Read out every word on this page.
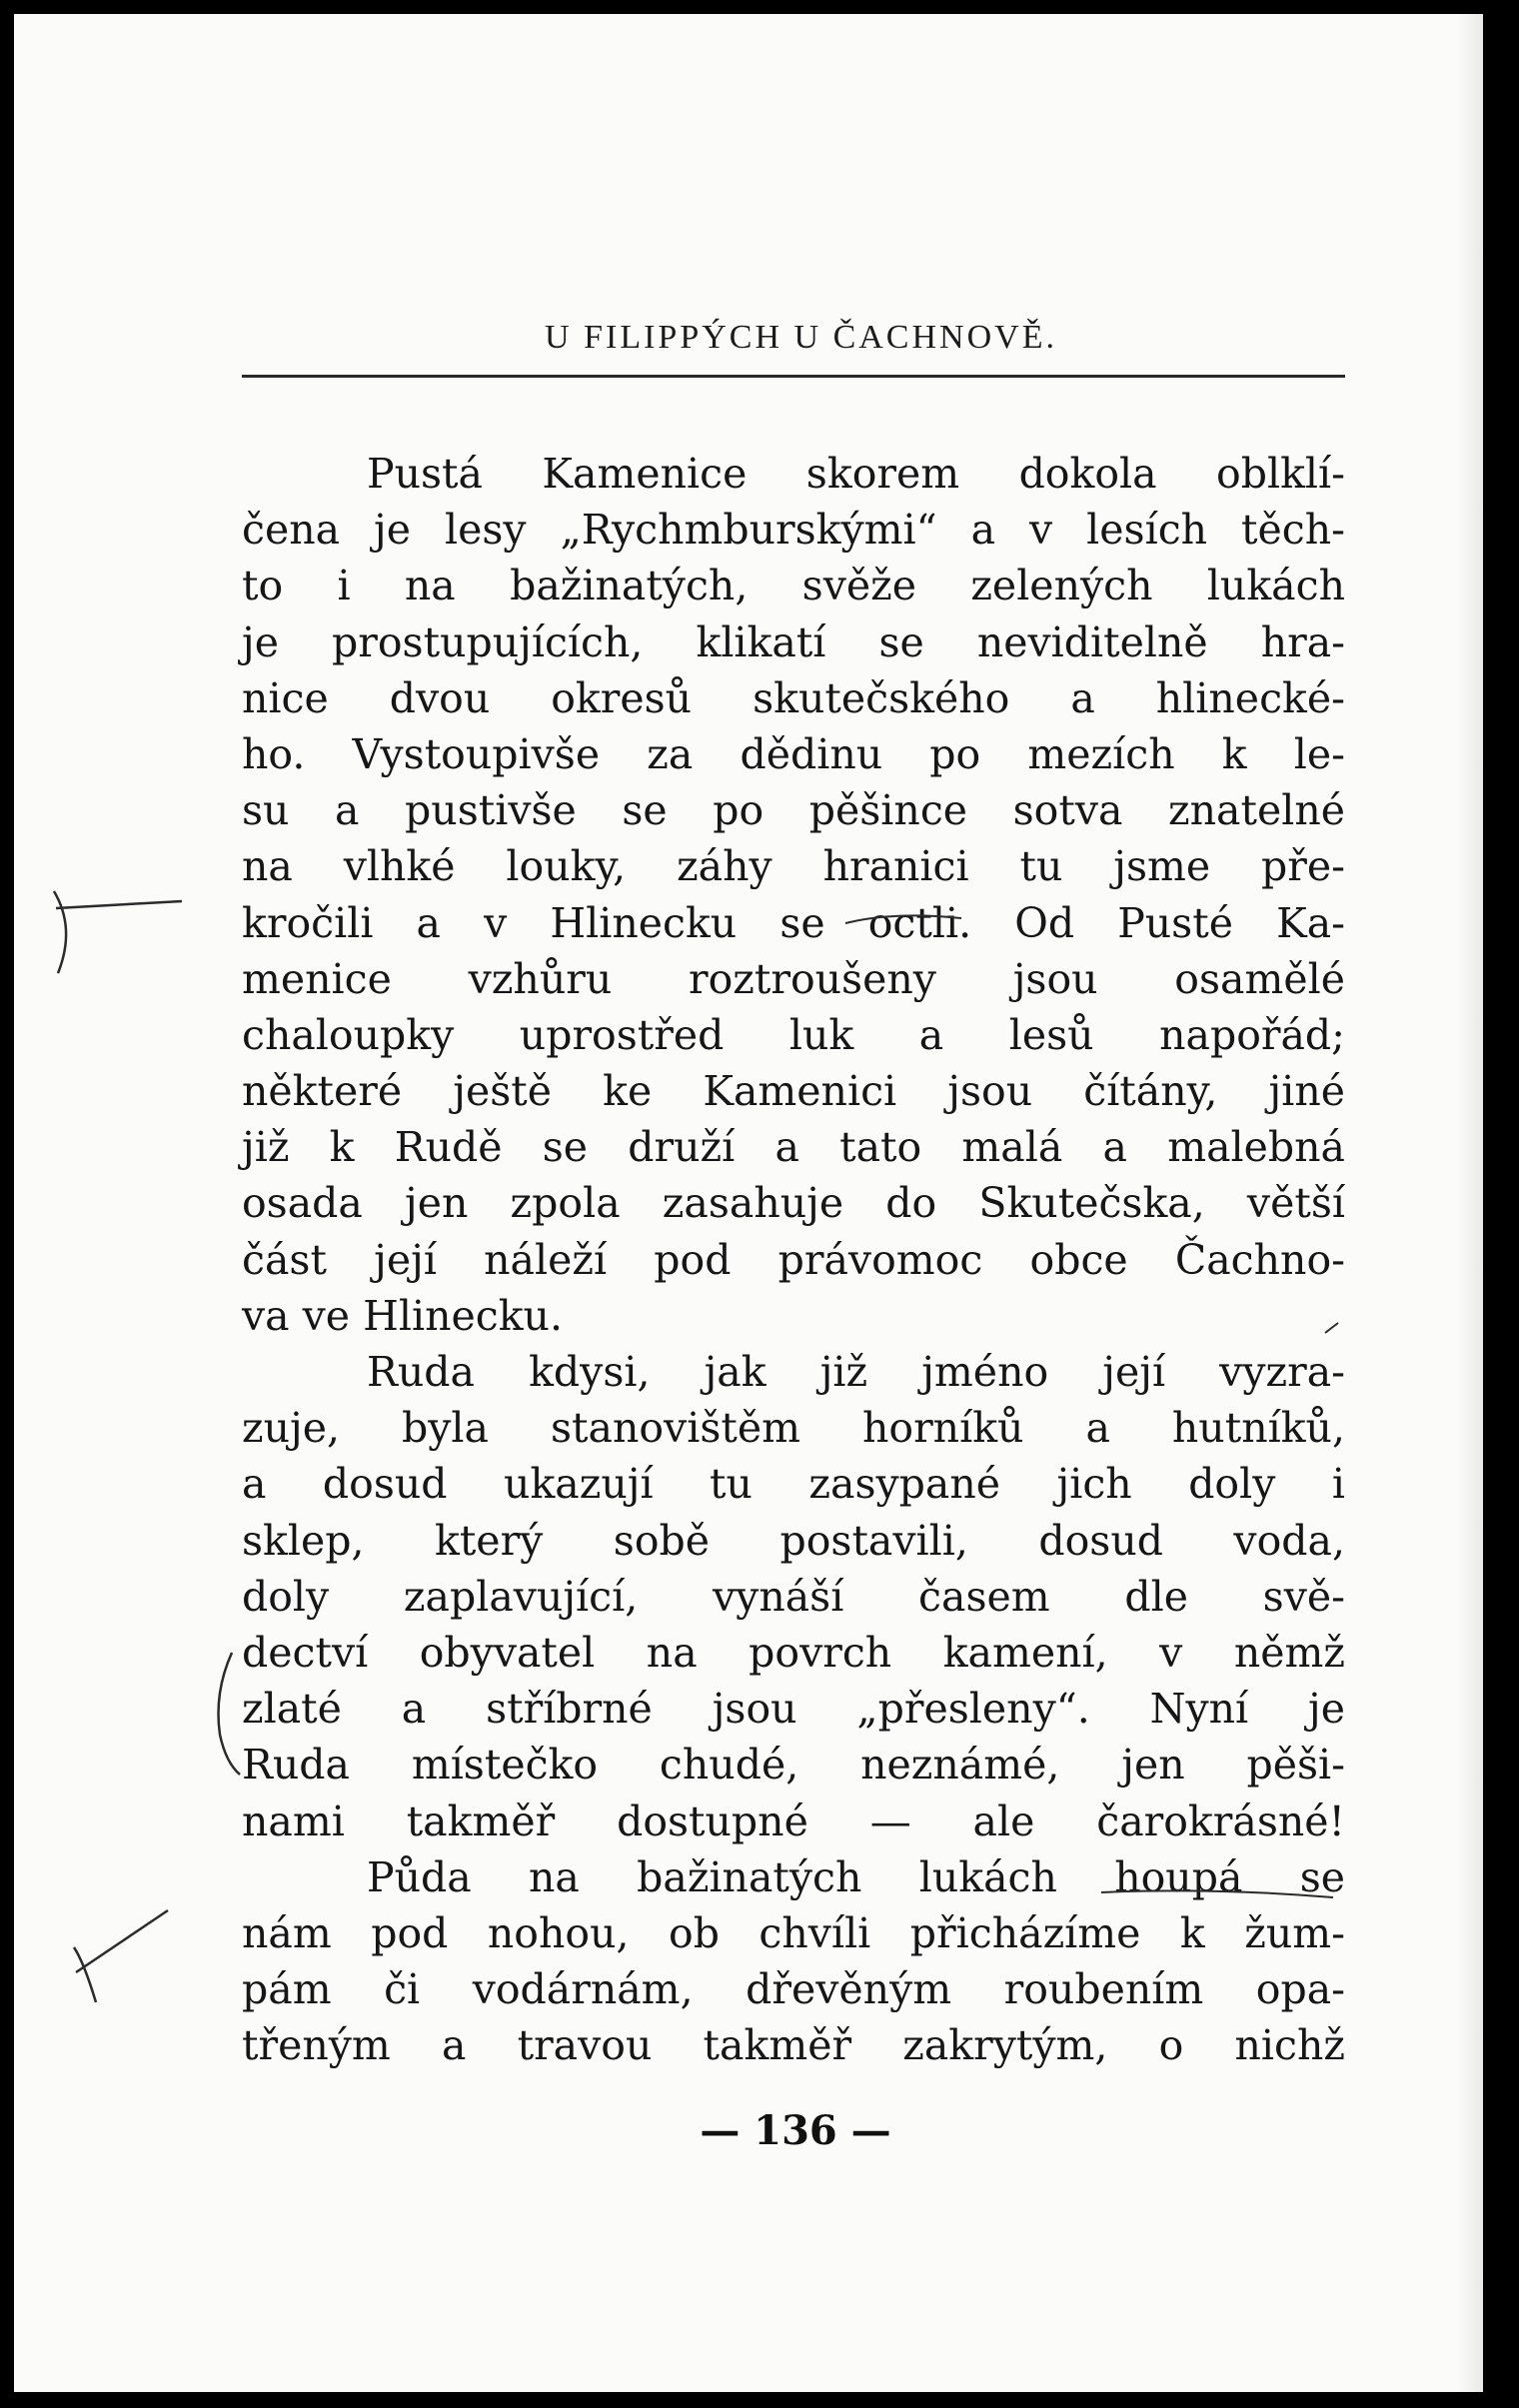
U FILIPPÝCH U ČACHNOVĚ.
Pustá Kamenice skorem dokola oblklí-
čena je lesy „Rychmburskými“ a v lesích těch-
to i na bažinatých, svěže zelených lukách
je prostupujících, klikatí se neviditelně hra-
nice dvou okresů skutečského a hlinecké-
ho. Vystoupivše za dědinu po mezích k le-
su a pustivše se po pěšince sotva znatelné
na vlhké louky, záhy hranici tu jsme pře-
kročili a v Hlinecku se octli. Od Pusté Ka-
menice vzhůru roztroušeny jsou osamělé
chaloupky uprostřed luk a lesů napořád;
některé ještě ke Kamenici jsou čítány, jiné
již k Rudě se druží a tato malá a malebná
osada jen zpola zasahuje do Skutečska, větší
část její náleží pod právomoc obce Čachno-
va ve Hlinecku.
Ruda kdysi, jak již jméno její vyzra-
zuje, byla stanovištěm horníků a hutníků,
a dosud ukazují tu zasypané jich doly i
sklep, který sobě postavili, dosud voda,
doly zaplavující, vynáší časem dle svě-
dectví obyvatel na povrch kamení, v němž
zlaté a stříbrné jsou „přesleny“. Nyní je
Ruda místečko chudé, neznámé, jen pěši-
nami takměř dostupné — ale čarokrásné!
Půda na bažinatých lukách houpá se
nám pod nohou, ob chvíli přicházíme k žum-
pám či vodárnám, dřevěným roubením opa-
třeným a travou takměř zakrytým, o nichž
— 136 —
